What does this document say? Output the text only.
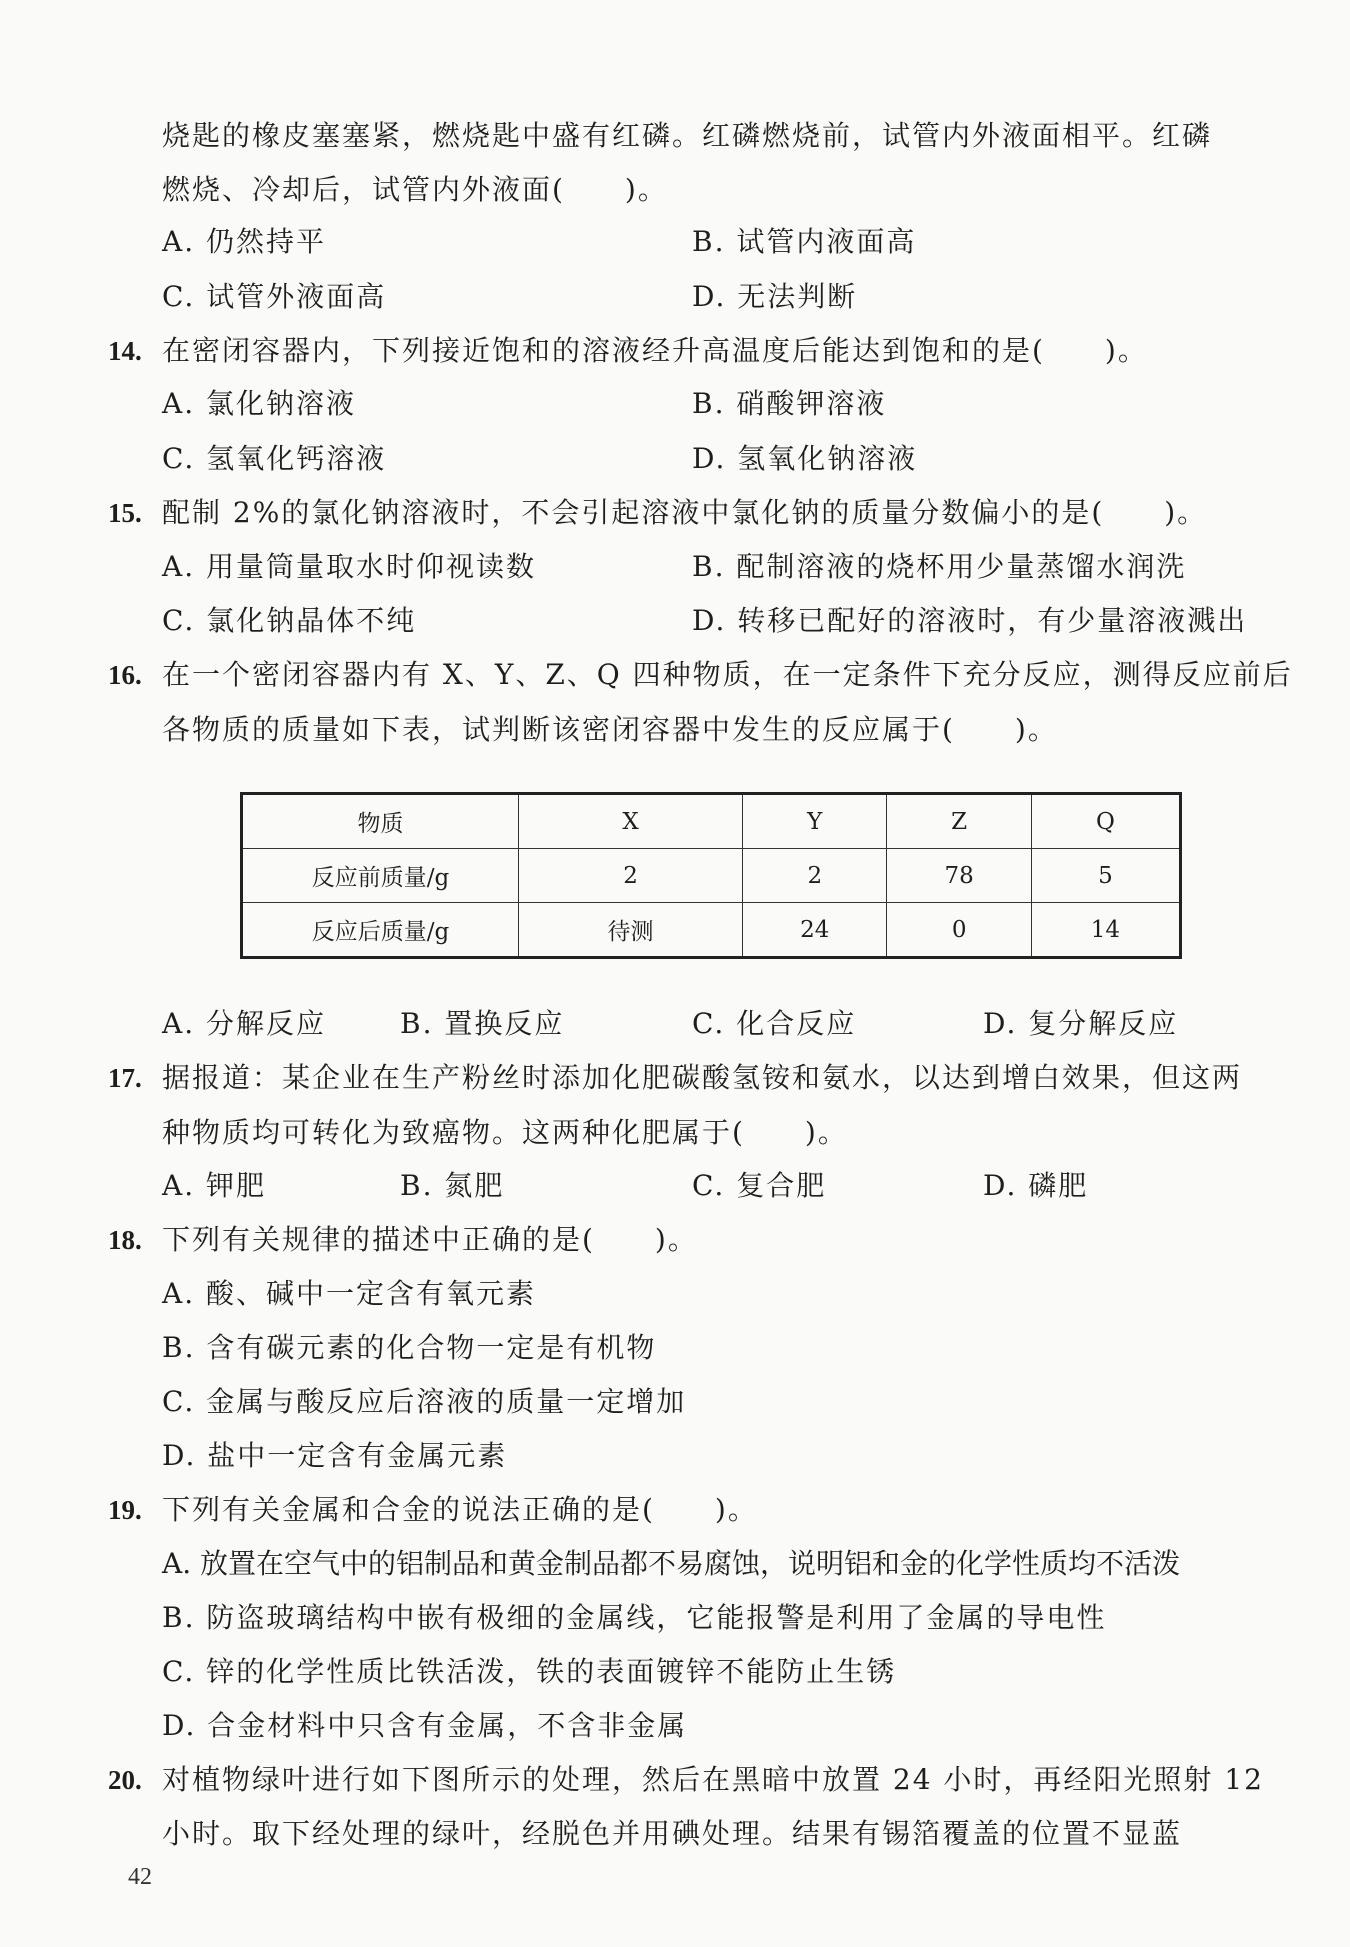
烧匙的橡皮塞塞紧，燃烧匙中盛有红磷。红磷燃烧前，试管内外液面相平。红磷
燃烧、冷却后，试管内外液面(　　)。
A. 仍然持平	B. 试管内液面高
C. 试管外液面高	D. 无法判断
14. 在密闭容器内，下列接近饱和的溶液经升高温度后能达到饱和的是(　　)。
A. 氯化钠溶液	B. 硝酸钾溶液
C. 氢氧化钙溶液	D. 氢氧化钠溶液
15. 配制 2%的氯化钠溶液时，不会引起溶液中氯化钠的质量分数偏小的是(　　)。
A. 用量筒量取水时仰视读数	B. 配制溶液的烧杯用少量蒸馏水润洗
C. 氯化钠晶体不纯	D. 转移已配好的溶液时，有少量溶液溅出
16. 在一个密闭容器内有 X、Y、Z、Q 四种物质，在一定条件下充分反应，测得反应前后
各物质的质量如下表，试判断该密闭容器中发生的反应属于(　　)。
物质	X	Y	Z	Q
反应前质量/g	2	2	78	5
反应后质量/g	待测	24	0	14
A. 分解反应	B. 置换反应	C. 化合反应	D. 复分解反应
17. 据报道：某企业在生产粉丝时添加化肥碳酸氢铵和氨水，以达到增白效果，但这两
种物质均可转化为致癌物。这两种化肥属于(　　)。
A. 钾肥	B. 氮肥	C. 复合肥	D. 磷肥
18. 下列有关规律的描述中正确的是(　　)。
A. 酸、碱中一定含有氧元素
B. 含有碳元素的化合物一定是有机物
C. 金属与酸反应后溶液的质量一定增加
D. 盐中一定含有金属元素
19. 下列有关金属和合金的说法正确的是(　　)。
A. 放置在空气中的铝制品和黄金制品都不易腐蚀，说明铝和金的化学性质均不活泼
B. 防盗玻璃结构中嵌有极细的金属线，它能报警是利用了金属的导电性
C. 锌的化学性质比铁活泼，铁的表面镀锌不能防止生锈
D. 合金材料中只含有金属，不含非金属
20. 对植物绿叶进行如下图所示的处理，然后在黑暗中放置 24 小时，再经阳光照射 12
小时。取下经处理的绿叶，经脱色并用碘处理。结果有锡箔覆盖的位置不显蓝
42
